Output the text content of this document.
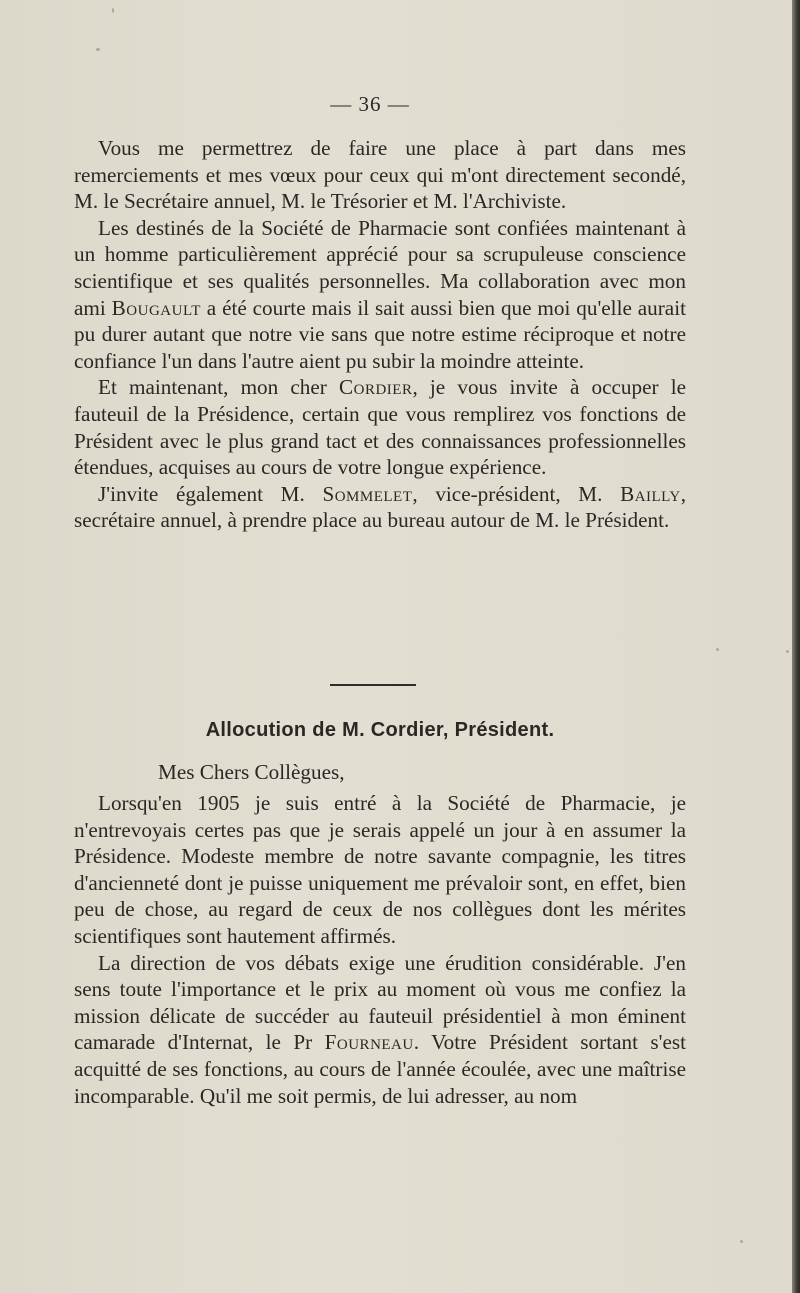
— 36 —

Vous me permettrez de faire une place à part dans mes remerciements et mes vœux pour ceux qui m'ont directement secondé, M. le Secrétaire annuel, M. le Trésorier et M. l'Archiviste.

Les destinés de la Société de Pharmacie sont confiées maintenant à un homme particulièrement apprécié pour sa scrupuleuse conscience scientifique et ses qualités personnelles. Ma collaboration avec mon ami Bougault a été courte mais il sait aussi bien que moi qu'elle aurait pu durer autant que notre vie sans que notre estime réciproque et notre confiance l'un dans l'autre aient pu subir la moindre atteinte.

Et maintenant, mon cher Cordier, je vous invite à occuper le fauteuil de la Présidence, certain que vous remplirez vos fonctions de Président avec le plus grand tact et des connaissances professionnelles étendues, acquises au cours de votre longue expérience.

J'invite également M. Sommelet, vice-président, M. Bailly, secrétaire annuel, à prendre place au bureau autour de M. le Président.

Allocution de M. Cordier, Président.
Mes Chers Collègues,

Lorsqu'en 1905 je suis entré à la Société de Pharmacie, je n'entrevoyais certes pas que je serais appelé un jour à en assumer la Présidence. Modeste membre de notre savante compagnie, les titres d'ancienneté dont je puisse uniquement me prévaloir sont, en effet, bien peu de chose, au regard de ceux de nos collègues dont les mérites scientifiques sont hautement affirmés.

La direction de vos débats exige une érudition considérable. J'en sens toute l'importance et le prix au moment où vous me confiez la mission délicate de succéder au fauteuil présidentiel à mon éminent camarade d'Internat, le Pr Fourneau. Votre Président sortant s'est acquitté de ses fonctions, au cours de l'année écoulée, avec une maîtrise incomparable. Qu'il me soit permis, de lui adresser, au nom
